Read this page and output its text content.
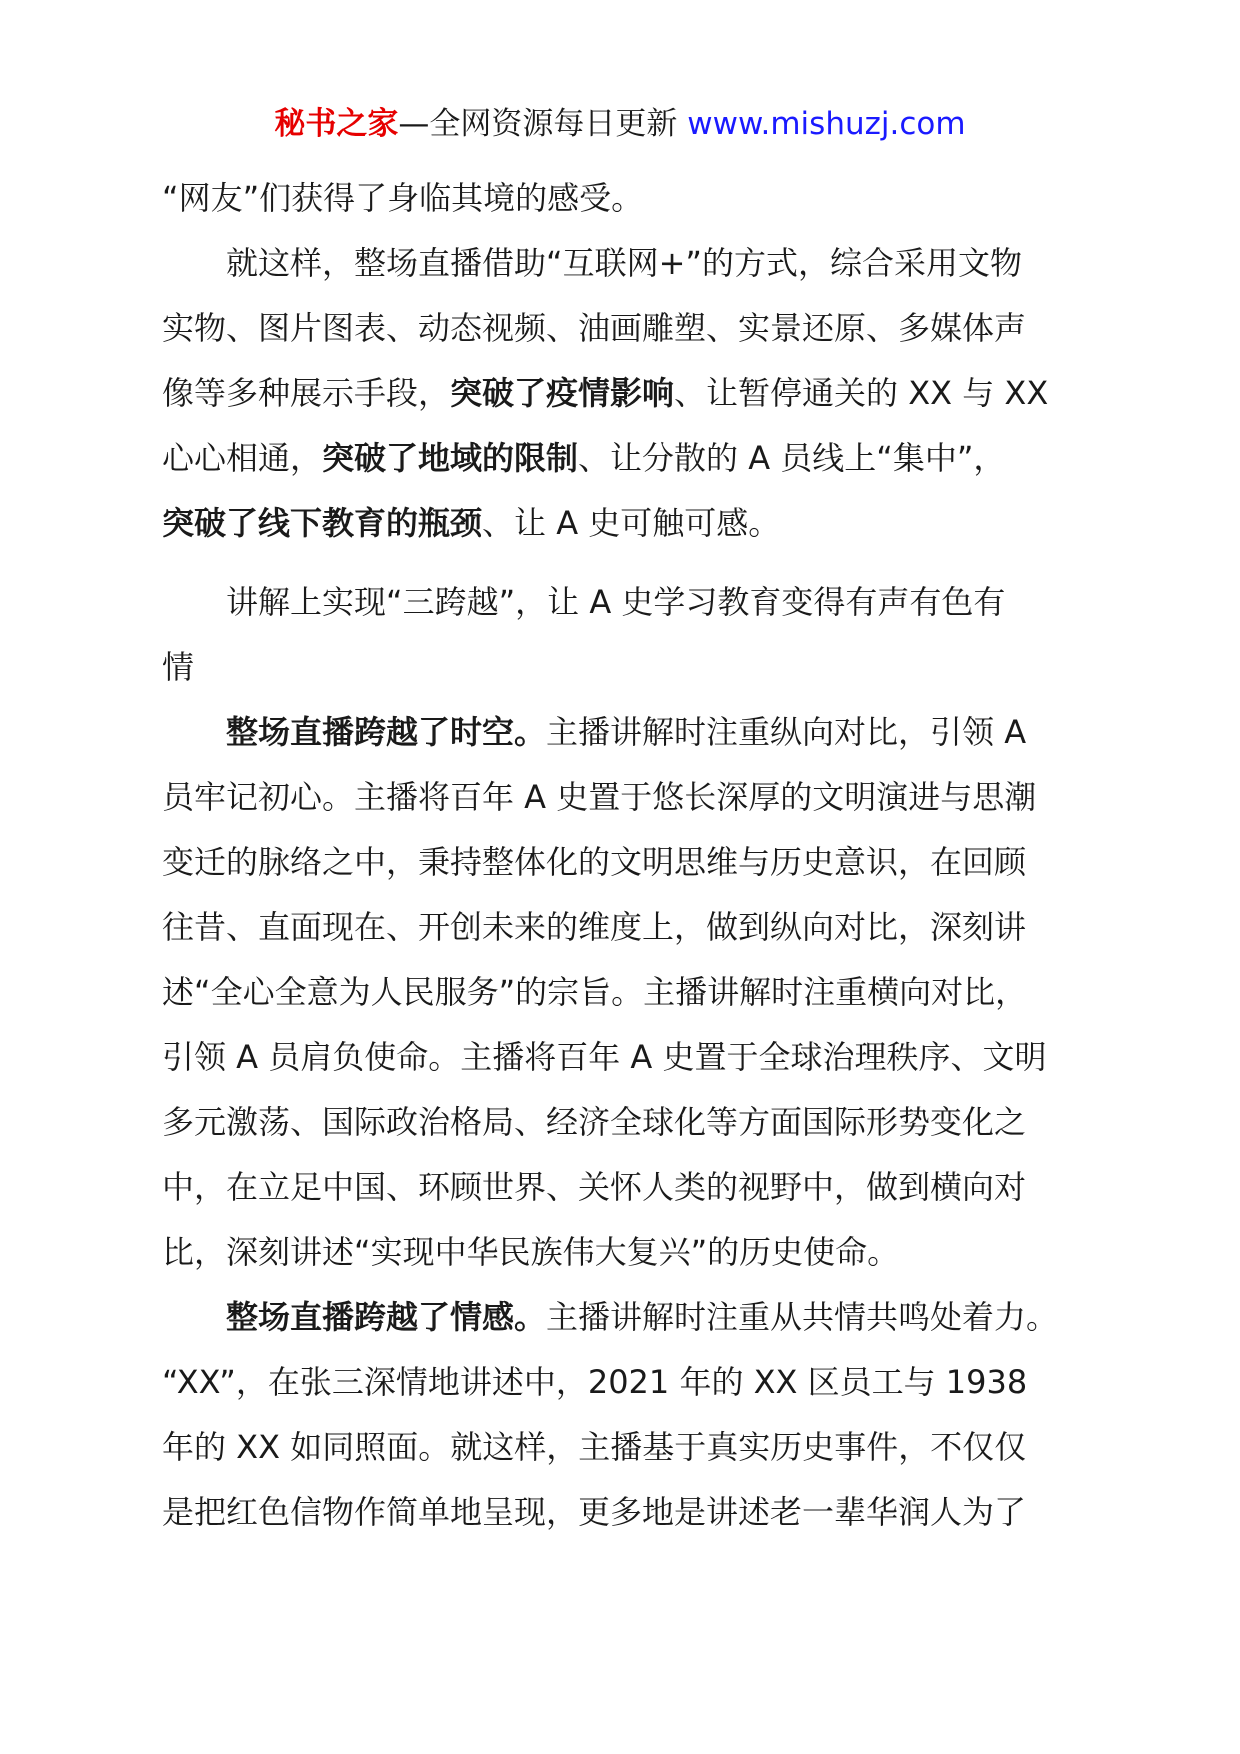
秘书之家—全网资源每日更新 www.mishuzj.com
“网友”们获得了身临其境的感受。
就这样，整场直播借助“互联网+”的方式，综合采用文物
实物、图片图表、动态视频、油画雕塑、实景还原、多媒体声
像等多种展示手段，突破了疫情影响、让暂停通关的 XX 与 XX
心心相通，突破了地域的限制、让分散的 A 员线上“集中”，
突破了线下教育的瓶颈、让 A 史可触可感。
讲解上实现“三跨越”，让 A 史学习教育变得有声有色有
情
整场直播跨越了时空。主播讲解时注重纵向对比，引领 A
员牢记初心。主播将百年 A 史置于悠长深厚的文明演进与思潮
变迁的脉络之中，秉持整体化的文明思维与历史意识，在回顾
往昔、直面现在、开创未来的维度上，做到纵向对比，深刻讲
述“全心全意为人民服务”的宗旨。主播讲解时注重横向对比，
引领 A 员肩负使命。主播将百年 A 史置于全球治理秩序、文明
多元激荡、国际政治格局、经济全球化等方面国际形势变化之
中，在立足中国、环顾世界、关怀人类的视野中，做到横向对
比，深刻讲述“实现中华民族伟大复兴”的历史使命。
整场直播跨越了情感。主播讲解时注重从共情共鸣处着力。
“XX”，在张三深情地讲述中，2021 年的 XX 区员工与 1938
年的 XX 如同照面。就这样，主播基于真实历史事件，不仅仅
是把红色信物作简单地呈现，更多地是讲述老一辈华润人为了
